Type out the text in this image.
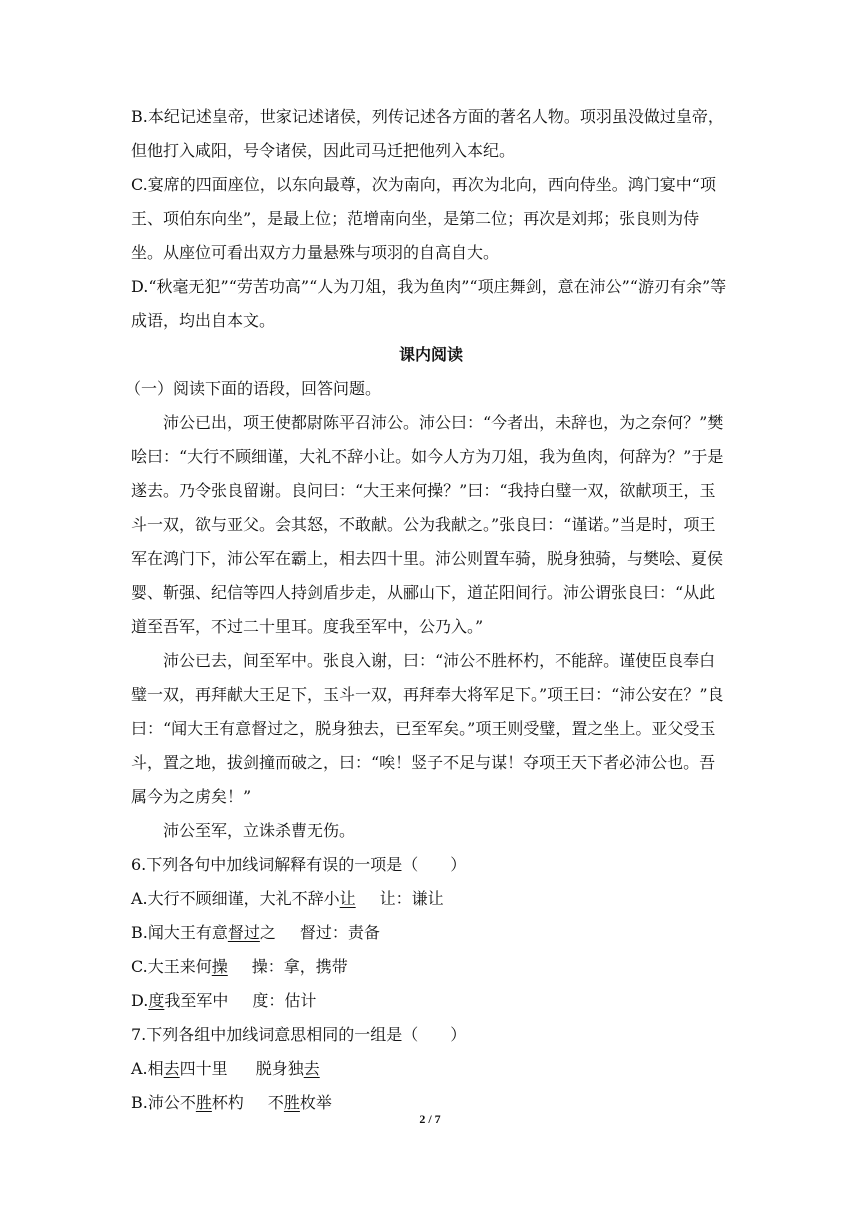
B.本纪记述皇帝，世家记述诸侯，列传记述各方面的著名人物。项羽虽没做过皇帝，但他打入咸阳，号令诸侯，因此司马迁把他列入本纪。

C.宴席的四面座位，以东向最尊，次为南向，再次为北向，西向侍坐。鸿门宴中“项王、项伯东向坐”，是最上位；范增南向坐，是第二位；再次是刘邦；张良则为侍坐。从座位可看出双方力量悬殊与项羽的自高自大。

D.“秋毫无犯”“劳苦功高”“人为刀俎，我为鱼肉”“项庄舞剑，意在沛公”“游刃有余”等成语，均出自本文。

课内阅读

（一）阅读下面的语段，回答问题。

沛公已出，项王使都尉陈平召沛公。沛公曰：“今者出，未辞也，为之奈何？”樊哙曰：“大行不顾细谨，大礼不辞小让。如今人方为刀俎，我为鱼肉，何辞为？”于是遂去。乃令张良留谢。良问曰：“大王来何操？”曰：“我持白璧一双，欲献项王，玉斗一双，欲与亚父。会其怒，不敢献。公为我献之。”张良曰：“谨诺。”当是时，项王军在鸿门下，沛公军在霸上，相去四十里。沛公则置车骑，脱身独骑，与樊哙、夏侯婴、靳强、纪信等四人持剑盾步走，从郦山下，道芷阳间行。沛公谓张良曰：“从此道至吾军，不过二十里耳。度我至军中，公乃入。”

沛公已去，间至军中。张良入谢，曰：“沛公不胜杯杓，不能辞。谨使臣良奉白璧一双，再拜献大王足下，玉斗一双，再拜奉大将军足下。”项王曰：“沛公安在？”良曰：“闻大王有意督过之，脱身独去，已至军矣。”项王则受璧，置之坐上。亚父受玉斗，置之地，拔剑撞而破之，曰：“唉！竖子不足与谋！夺项王天下者必沛公也。吾属今为之虏矣！”

沛公至军，立诛杀曹无伤。

6.下列各句中加线词解释有误的一项是（　　）

A.大行不顾细谨，大礼不辞小让 让：谦让

B.闻大王有意督过之 督过：责备

C.大王来何操 操：拿，携带

D.度我至军中 度：估计

7.下列各组中加线词意思相同的一组是（　　）

A.相去四十里 脱身独去

B.沛公不胜杯杓 不胜枚举

2 / 7
